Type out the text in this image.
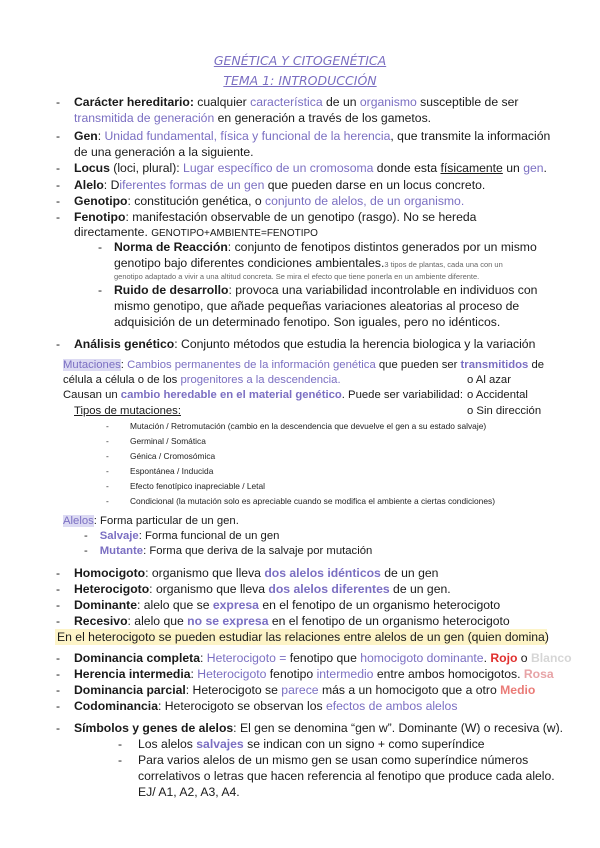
GENÉTICA Y CITOGENÉTICA
TEMA 1: INTRODUCCIÓN
-	Carácter hereditario: cualquier característica de un organismo susceptible de ser
transmitida de generación en generación a través de los gametos.
-	Gen: Unidad fundamental, física y funcional de la herencia, que transmite la información
de una generación a la siguiente.
-	Locus (loci, plural): Lugar específico de un cromosoma donde esta físicamente un gen.
-	Alelo: Diferentes formas de un gen que pueden darse en un locus concreto.
-	Genotipo: constitución genética, o conjunto de alelos, de un organismo.
-	Fenotipo: manifestación observable de un genotipo (rasgo). No se hereda
directamente. GENOTIPO+AMBIENTE=FENOTIPO
- Norma de Reacción: conjunto de fenotipos distintos generados por un mismo
genotipo bajo diferentes condiciones ambientales.3 tipos de plantas, cada una con un
genotipo adaptado a vivir a una altitud concreta. Se mira el efecto que tiene ponerla en un ambiente diferente.
- Ruido de desarrollo: provoca una variabilidad incontrolable en individuos con
mismo genotipo, que añade pequeñas variaciones aleatorias al proceso de
adquisición de un determinado fenotipo. Son iguales, pero no idénticos.
-	Análisis genético: Conjunto métodos que estudia la herencia biologica y la variación
Mutaciones: Cambios permanentes de la información genética que pueden ser transmitidos de
célula a célula o de los progenitores a la descendencia.	o Al azar
Causan un cambio heredable en el material genético. Puede ser variabilidad: o Accidental
Tipos de mutaciones:	o Sin dirección
-	Mutación / Retromutación (cambio en la descendencia que devuelve el gen a su estado salvaje)
-	Germinal / Somática
-	Génica / Cromosómica
-	Espontánea / Inducida
-	Efecto fenotípico inapreciable / Letal
-	Condicional (la mutación solo es apreciable cuando se modifica el ambiente a ciertas condiciones)
Alelos: Forma particular de un gen.
- Salvaje: Forma funcional de un gen
- Mutante: Forma que deriva de la salvaje por mutación
-	Homocigoto: organismo que lleva dos alelos idénticos de un gen
-	Heterocigoto: organismo que lleva dos alelos diferentes de un gen.
-	Dominante: alelo que se expresa en el fenotipo de un organismo heterocigoto
-	Recesivo: alelo que no se expresa en el fenotipo de un organismo heterocigoto
En el heterocigoto se pueden estudiar las relaciones entre alelos de un gen (quien domina)
-	Dominancia completa: Heterocigoto = fenotipo que homocigoto dominante. Rojo o Blanco
-	Herencia intermedia: Heterocigoto fenotipo intermedio entre ambos homocigotos. Rosa
-	Dominancia parcial: Heterocigoto se parece más a un homocigoto que a otro Medio
-	Codominancia: Heterocigoto se observan los efectos de ambos alelos
-	Símbolos y genes de alelos: El gen se denomina “gen w”. Dominante (W) o recesiva (w).
-	Los alelos salvajes se indican con un signo + como superíndice
-	Para varios alelos de un mismo gen se usan como superíndice números
correlativos o letras que hacen referencia al fenotipo que produce cada alelo.
EJ/ A1, A2, A3, A4.
